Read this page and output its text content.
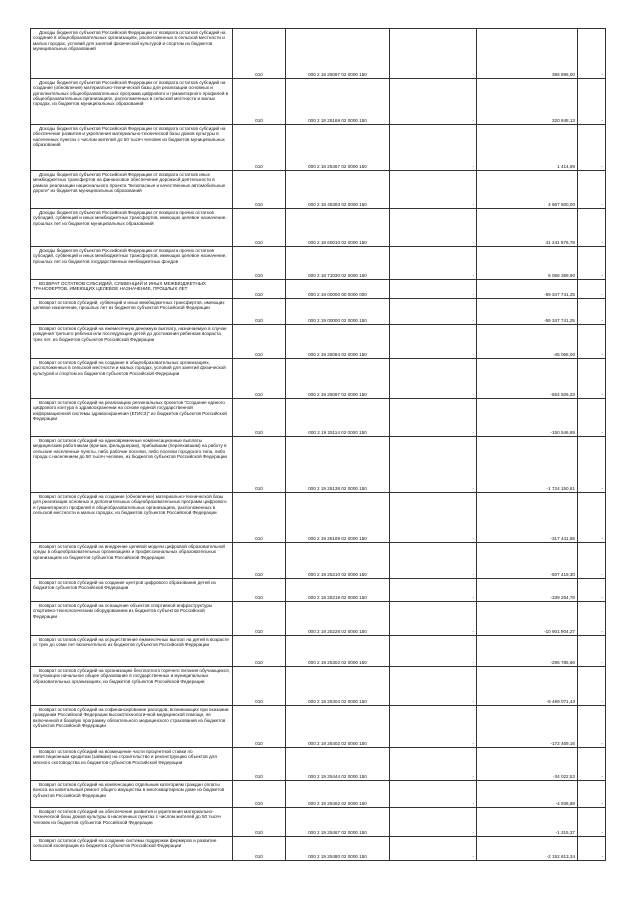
Доходы бюджетов субъектов Российской Федерации от возврата остатков субсидий на создание в общеобразовательных организациях, расположенных в сельской местности и малых городах, условий для занятий физической культурой и спортом из бюджетов муниципальных образований	010	000 2 18 25097 02 0000 150	-	396 895,00	-
Доходы бюджетов субъектов Российской Федерации от возврата остатков субсидий на создание (обновление) материально-технической базы для реализации основных и дополнительных общеобразовательных программ цифрового и гуманитарного профилей в общеобразовательных организациях, расположенных в сельской местности и малых городах, из бюджетов муниципальных образований	010	000 2 18 25169 02 0000 150	-	320 848,13	-
Доходы бюджетов субъектов Российской Федерации от возврата остатков субсидий на обеспечение развития и укрепления материально-технической базы домов культуры в населенных пунктах с числом жителей до 50 тысяч человек из бюджетов муниципальных образований	010	000 2 18 25467 02 0000 150	-	1 414,59	-
Доходы бюджетов субъектов Российской Федерации от возврата остатков иных межбюджетных трансфертов на финансовое обеспечение дорожной деятельности в рамках реализации национального проекта "Безопасные и качественные автомобильные дороги" из бюджетов муниципальных образований	010	000 2 18 45393 02 0000 150	-	4 667 800,00	-
Доходы бюджетов субъектов Российской Федерации от возврата прочих остатков субсидий, субвенций и иных межбюджетных трансфертов, имеющих целевое назначение, прошлых лет из бюджетов муниципальных образований	010	000 2 18 60010 02 0000 150	-	41 241 976,78	-
Доходы бюджетов субъектов Российской Федерации от возврата прочих остатков субсидий, субвенций и иных межбюджетных трансфертов, имеющих целевое назначение, прошлых лет из бюджетов государственных внебюджетных фондов	010	000 2 18 71030 02 0000 150	-	6 056 389,90	-
ВОЗВРАТ ОСТАТКОВ СУБСИДИЙ, СУБВЕНЦИЙ И ИНЫХ МЕЖБЮДЖЕТНЫХ ТРАНСФЕРТОВ, ИМЕЮЩИХ ЦЕЛЕВОЕ НАЗНАЧЕНИЕ, ПРОШЛЫХ ЛЕТ	010	000 2 19 00000 00 0000 000	-	-59 347 741,25	-
Возврат остатков субсидий, субвенций и иных межбюджетных трансфертов, имеющих целевое назначение, прошлых лет из бюджетов субъектов Российской Федерации	010	000 2 19 00000 02 0000 150	-	-59 347 741,25	-
Возврат остатков субсидий на ежемесячную денежную выплату, назначаемую в случае рождения третьего ребенка или последующих детей до достижения ребенком возраста трех лет, из бюджетов субъектов Российской Федерации	010	000 2 19 25084 02 0000 150	-	-45 066,00	-
Возврат остатков субсидий на создание в общеобразовательных организациях, расположенных в сельской местности и малых городах, условий для занятий физической культурой и спортом из бюджетов субъектов Российской Федерации	010	000 2 19 25097 02 0000 150	-	-554 926,33	-
Возврат остатков субсидий на реализацию региональных проектов "Создание единого цифрового контура в здравоохранении на основе единой государственной информационной системы здравоохранения (ЕГИСЗ)" из бюджетов субъектов Российской Федерации	010	000 2 19 25114 02 0000 150	-	-150 546,69	-
Возврат остатков субсидий на единовременные компенсационные выплаты медицинским работникам (врачам, фельдшерам), прибывшим (переехавшим) на работу в сельские населенные пункты, либо рабочие поселки, либо поселки городского типа, либо города с населением до 50 тысяч человек, из бюджетов субъектов Российской Федерации	010	000 2 19 25138 02 0000 150	-	-1 724 150,61	-
Возврат остатков субсидий на создание (обновление) материально-технической базы для реализации основных и дополнительных общеобразовательных программ цифрового и гуманитарного профилей в общеобразовательных организациях, расположенных в сельской местности и малых городах, из бюджетов субъектов Российской Федерации	010	000 2 19 25169 02 0000 150	-	-317 441,85	-
Возврат остатков субсидий на внедрение целевой модели цифровой образовательной среды в общеобразовательных организациях и профессиональных образовательных организациях из бюджетов субъектов Российской Федерации	010	000 2 19 25210 02 0000 150	-	-507 419,30	-
Возврат остатков субсидий на создание центров цифрового образования детей из бюджетов субъектов Российской Федерации	010	000 2 19 25219 02 0000 150	-	-339 254,76	-
Возврат остатков субсидий на оснащение объектов спортивной инфраструктуры спортивно-технологическим оборудованием из бюджетов субъектов Российской Федерации	010	000 2 19 25228 02 0000 150	-	-10 901 904,27	-
Возврат остатков субсидий на осуществление ежемесячных выплат на детей в возрасте от трех до семи лет включительно из бюджетов субъектов Российской Федерации	010	000 2 19 25302 02 0000 150	-	-296 785,66	-
Возврат остатков субсидий на организацию бесплатного горячего питания обучающихся, получающих начальное общее образование в государственных и муниципальных образовательных организациях, из бюджетов субъектов Российской Федерации	010	000 2 19 25304 02 0000 150	-	-6 499 071,43	-
Возврат остатков субсидий на софинансирование расходов, возникающих при оказании гражданам Российской Федерации высокотехнологичной медицинской помощи, не включенной в базовую программу обязательного медицинского страхования из бюджетов субъектов Российской Федерации	010	000 2 19 25402 02 0000 150	-	-172 469,16	-
Возврат остатков субсидий на возмещение части процентной ставки по инвестиционным кредитам (займам) на строительство и реконструкцию объектов для мясного скотоводства из бюджетов субъектов Российской Федерации	010	000 2 19 25444 02 0000 150	-	-34 022,52	-
Возврат остатков субсидий на компенсацию отдельным категориям граждан оплаты взноса на капитальный ремонт общего имущества в многоквартирном доме из бюджетов субъектов Российской Федерации	010	000 2 19 25462 02 0000 150	-	-4 936,88	-
Возврат остатков субсидий на обеспечение развития и укрепления материально-технической базы домов культуры в населенных пунктах с числом жителей до 50 тысяч человек из бюджетов субъектов Российской Федерации	010	000 2 19 25467 02 0000 150	-	-1 315,37	-
Возврат остатков субсидий на создание системы поддержки фермеров и развитие сельской кооперации из бюджетов субъектов Российской Федерации	010	000 2 19 25480 02 0000 150	-	-2 152 813,34	-
